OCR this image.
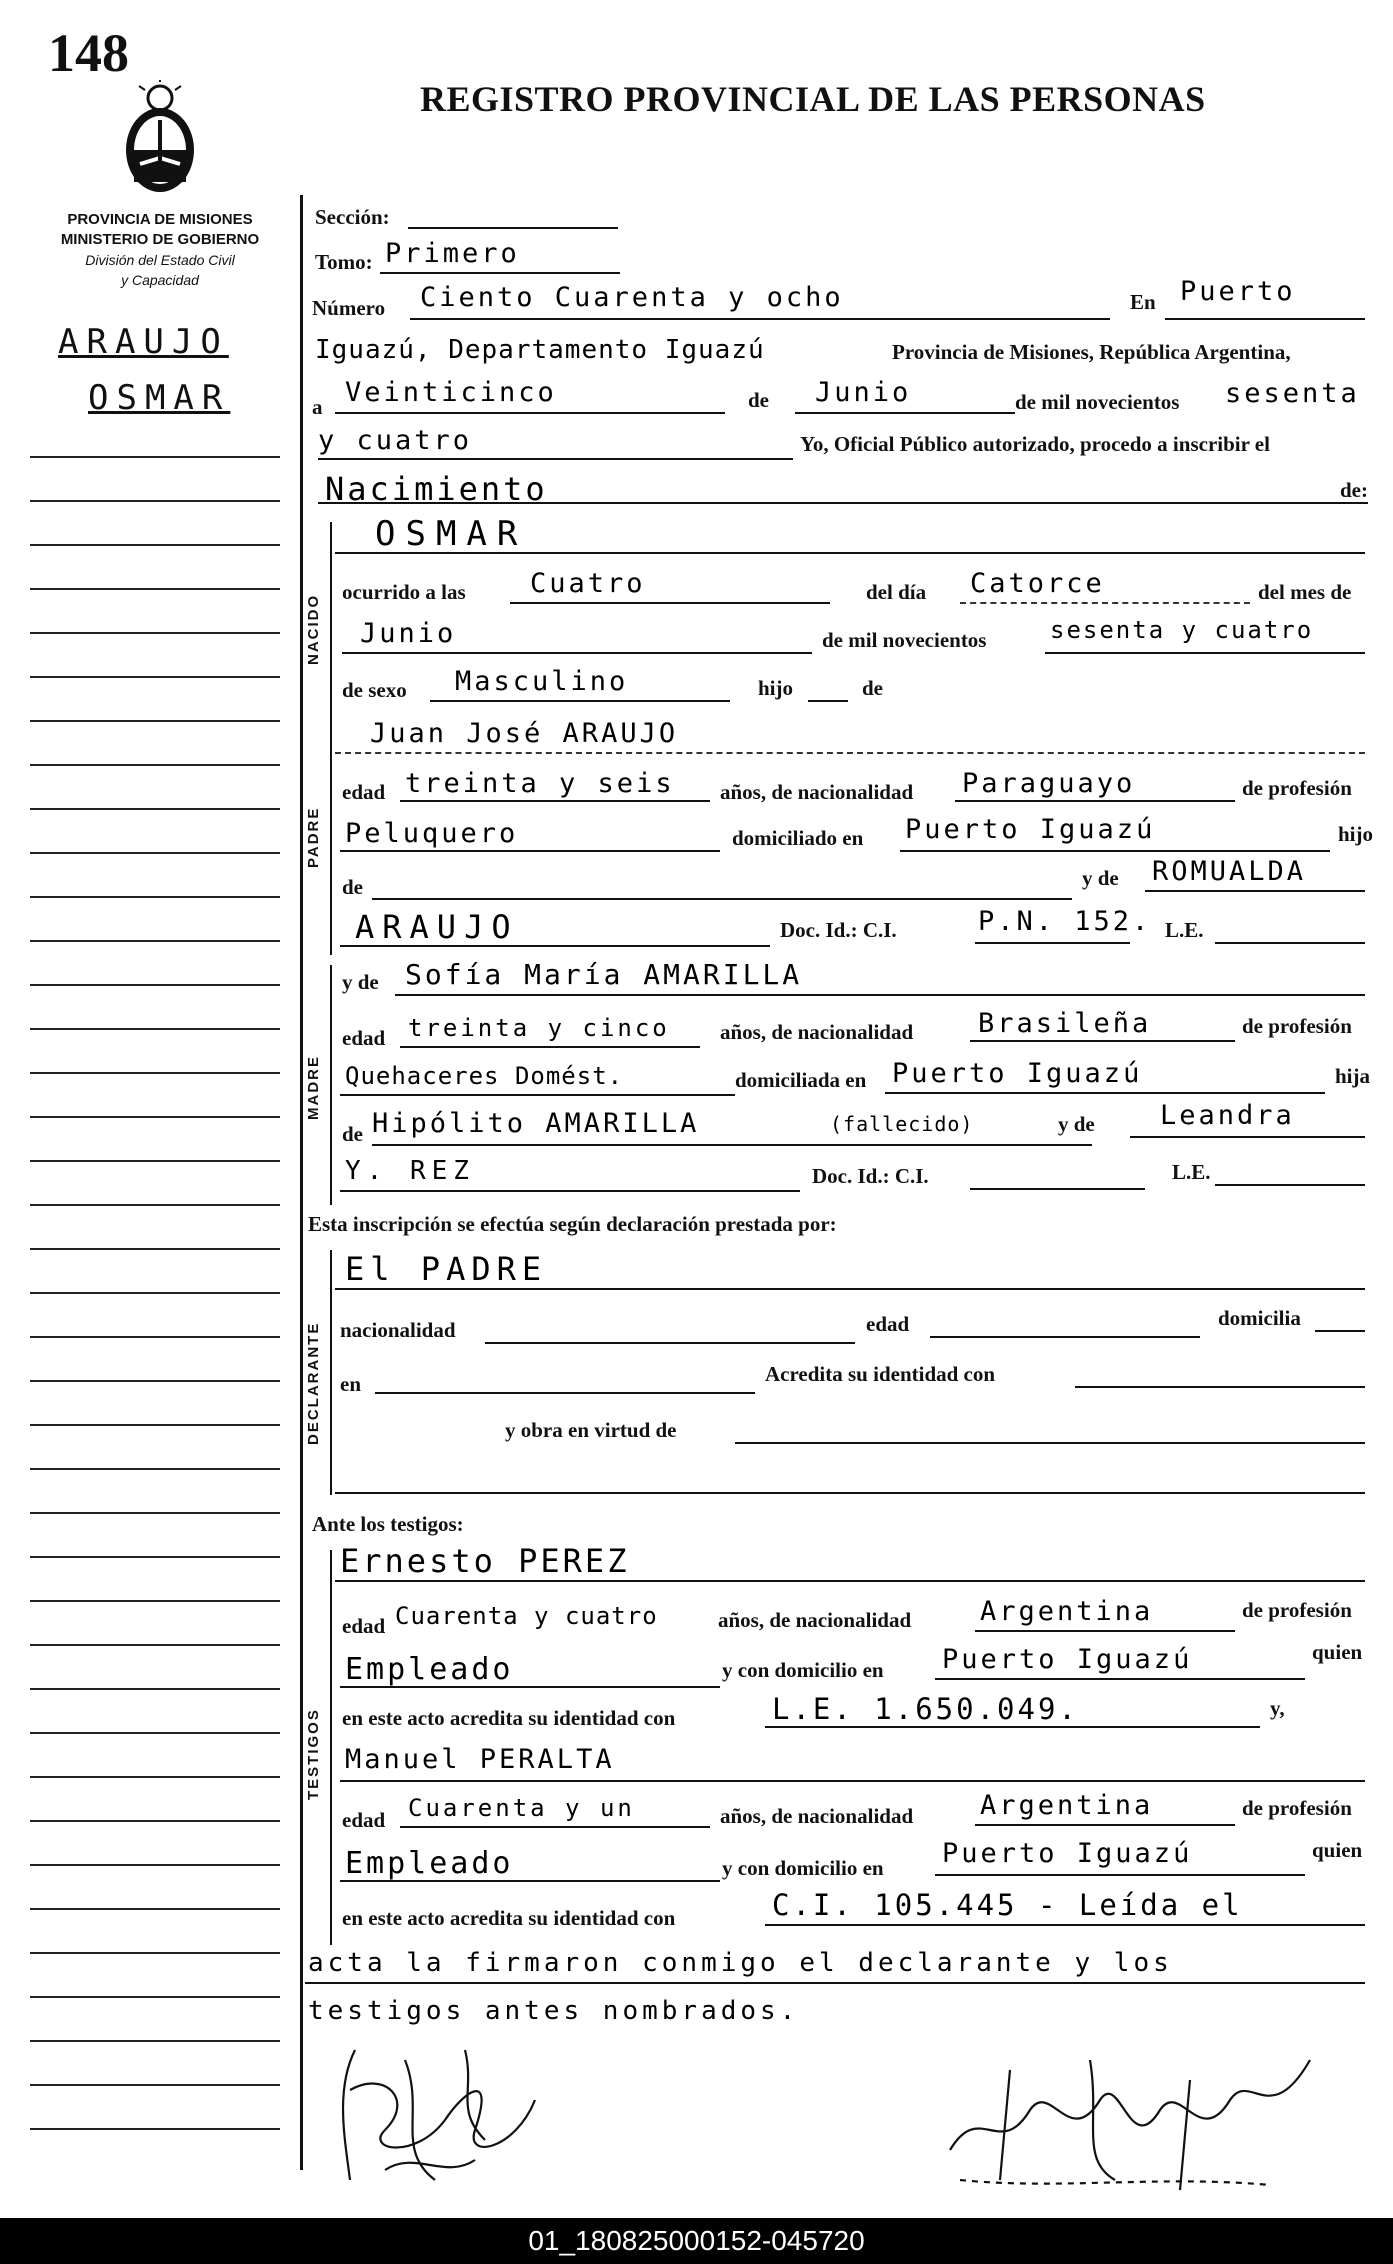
148
REGISTRO PROVINCIAL DE LAS PERSONAS
PROVINCIA DE MISIONES
MINISTERIO DE GOBIERNO
División del Estado Civil
y Capacidad
ARAUJO
OSMAR
Sección:
Tomo: Primero
Número Ciento Cuarenta y ocho	En Puerto
Iguazú, Departamento Iguazú	Provincia de Misiones, República Argentina,
a Veinticinco	de Junio	de mil novecientos sesenta
y cuatro	Yo, Oficial Público autorizado, procedo a inscribir el
Nacimiento	de:
NACIDO
OSMAR
ocurrido a las Cuatro	del día Catorce	del mes de
Junio	de mil novecientos	sesenta y cuatro
de sexo Masculino	hijo	de
PADRE
Juan José ARAUJO
edad treinta y seis años, de nacionalidad Paraguayo	de profesión
Peluquero	domiciliado en Puerto Iguazú	hijo
de	y de ROMUALDA
ARAUJO	Doc. Id.: C.I.	P.N. 152. L.E.
MADRE
y de Sofía María AMARILLA
edad treinta y cinco años, de nacionalidad Brasileña	de profesión
Quehaceres Domést.	domiciliada en Puerto Iguazú	hija
de Hipólito AMARILLA	(fallecido)	y de Leandra
Y. REZ	Doc. Id.: C.I.	L.E.
Esta inscripción se efectúa según declaración prestada por:
DECLARANTE
El PADRE
nacionalidad	edad	domicilia
en	Acredita su identidad con
y obra en virtud de
Ante los testigos:
TESTIGOS
Ernesto PEREZ
edad Cuarenta y cuatro	años, de nacionalidad	Argentina	de profesión
Empleado	y con domicilio en Puerto Iguazú	quien
en este acto acredita su identidad con	L.E. 1.650.049.	y,
Manuel PERALTA
edad Cuarenta y un	años, de nacionalidad Argentina	de profesión
Empleado	y con domicilio en Puerto Iguazú	quien
en este acto acredita su identidad con	C.I. 105.445 - Leída el
acta la firmaron conmigo el declarante y los
testigos antes nombrados.
01_180825000152-045720
